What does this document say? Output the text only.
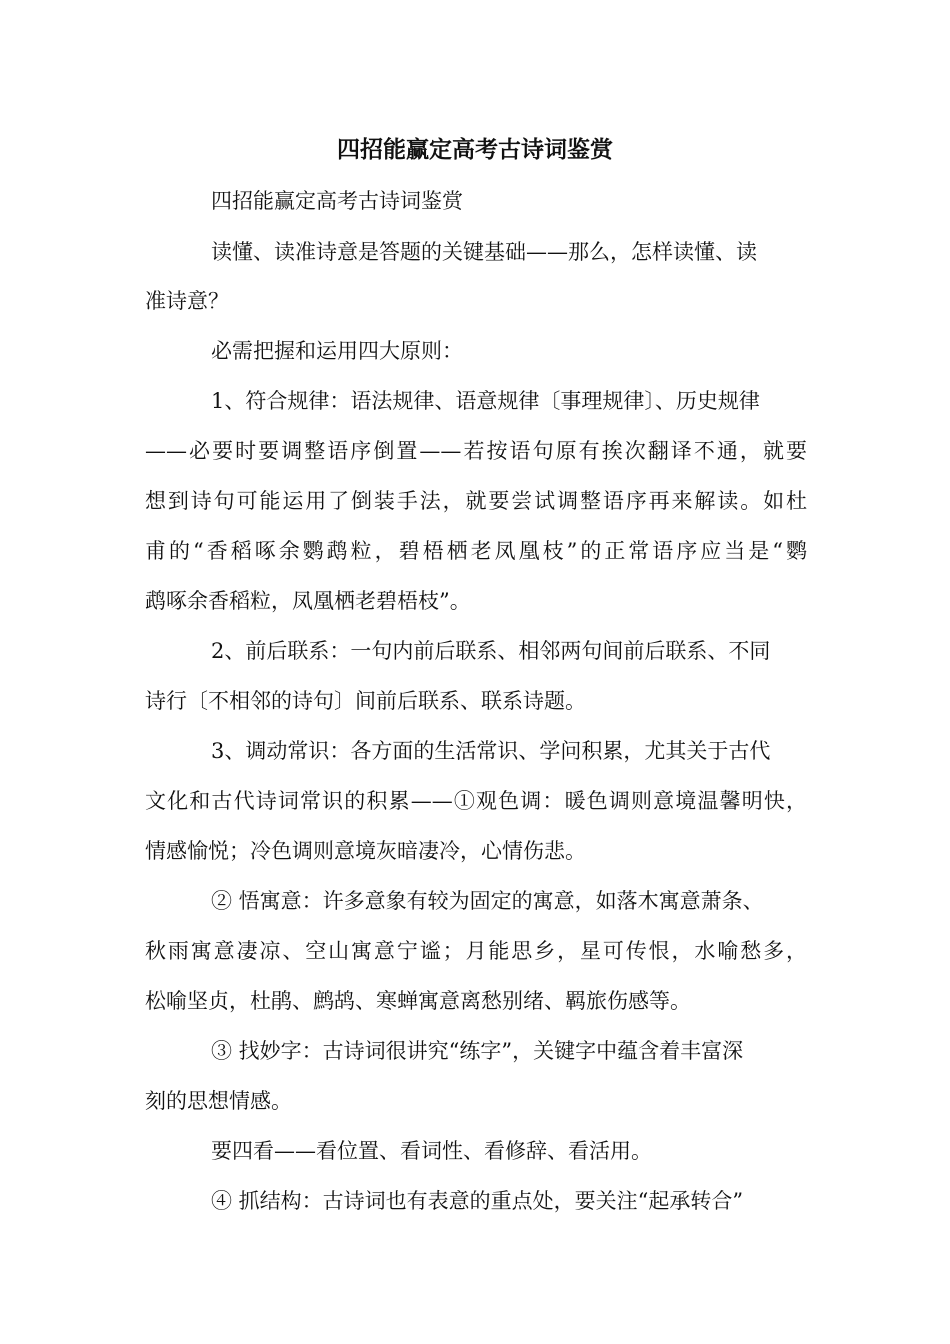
四招能赢定高考古诗词鉴赏
四招能赢定高考古诗词鉴赏
读懂、读准诗意是答题的关键基础——那么，怎样读懂、读
准诗意？
必需把握和运用四大原则：
1、符合规律：语法规律、语意规律〔事理规律〕、历史规律
——必要时要调整语序倒置——若按语句原有挨次翻译不通，就要
想到诗句可能运用了倒装手法，就要尝试调整语序再来解读。如杜
甫的“香稻啄余鹦鹉粒，碧梧栖老凤凰枝”的正常语序应当是“鹦
鹉啄余香稻粒，凤凰栖老碧梧枝”。
2、前后联系：一句内前后联系、相邻两句间前后联系、不同
诗行〔不相邻的诗句〕间前后联系、联系诗题。
3、调动常识：各方面的生活常识、学问积累，尤其关于古代
文化和古代诗词常识的积累——①观色调：暖色调则意境温馨明快，
情感愉悦；冷色调则意境灰暗凄冷，心情伤悲。
② 悟寓意：许多意象有较为固定的寓意，如落木寓意萧条、
秋雨寓意凄凉、空山寓意宁谧；月能思乡，星可传恨，水喻愁多，
松喻坚贞，杜鹃、鹧鸪、寒蝉寓意离愁别绪、羁旅伤感等。
③ 找妙字：古诗词很讲究“练字”，关键字中蕴含着丰富深
刻的思想情感。
要四看——看位置、看词性、看修辞、看活用。
④ 抓结构：古诗词也有表意的重点处，要关注“起承转合”
